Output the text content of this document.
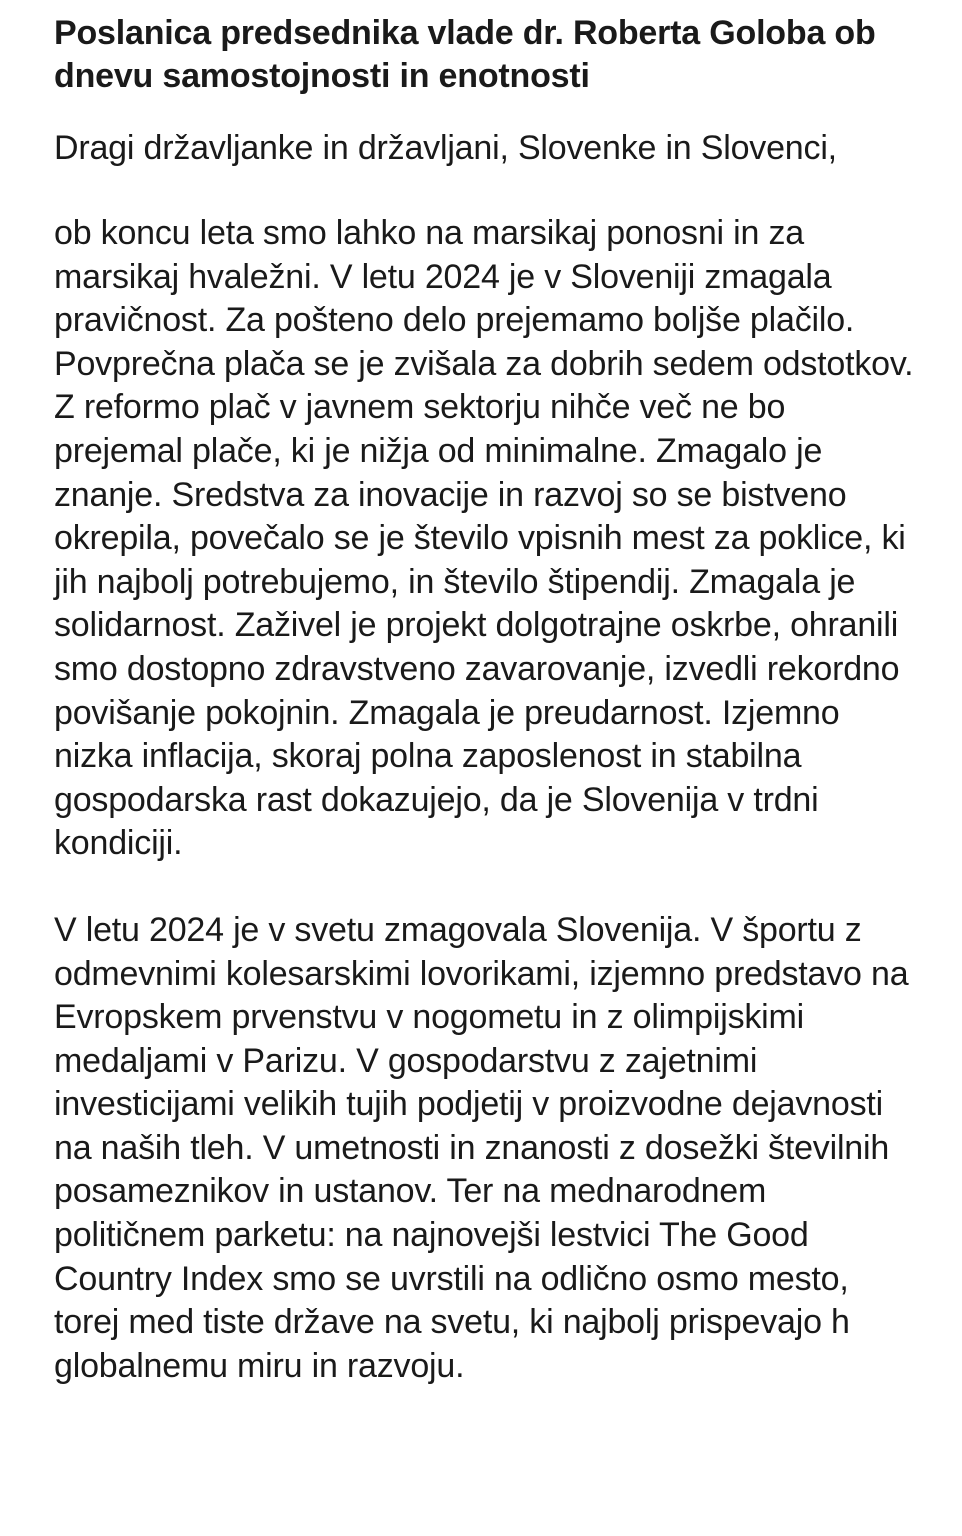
Poslanica predsednika vlade dr. Roberta Goloba ob dnevu samostojnosti in enotnosti

Dragi državljanke in državljani, Slovenke in Slovenci,

ob koncu leta smo lahko na marsikaj ponosni in za marsikaj hvaležni. V letu 2024 je v Sloveniji zmagala pravičnost. Za pošteno delo prejemamo boljše plačilo. Povprečna plača se je zvišala za dobrih sedem odstotkov. Z reformo plač v javnem sektorju nihče več ne bo prejemal plače, ki je nižja od minimalne. Zmagalo je znanje. Sredstva za inovacije in razvoj so se bistveno okrepila, povečalo se je število vpisnih mest za poklice, ki jih najbolj potrebujemo, in število štipendij. Zmagala je solidarnost. Zaživel je projekt dolgotrajne oskrbe, ohranili smo dostopno zdravstveno zavarovanje, izvedli rekordno povišanje pokojnin. Zmagala je preudarnost. Izjemno nizka inflacija, skoraj polna zaposlenost in stabilna gospodarska rast dokazujejo, da je Slovenija v trdni kondiciji.

V letu 2024 je v svetu zmagovala Slovenija. V športu z odmevnimi kolesarskimi lovorikami, izjemno predstavo na Evropskem prvenstvu v nogometu in z olimpijskimi medaljami v Parizu. V gospodarstvu z zajetnimi investicijami velikih tujih podjetij v proizvodne dejavnosti na naših tleh. V umetnosti in znanosti z dosežki številnih posameznikov in ustanov. Ter na mednarodnem političnem parketu: na najnovejši lestvici The Good Country Index smo se uvrstili na odlično osmo mesto, torej med tiste države na svetu, ki najbolj prispevajo h globalnemu miru in razvoju.
